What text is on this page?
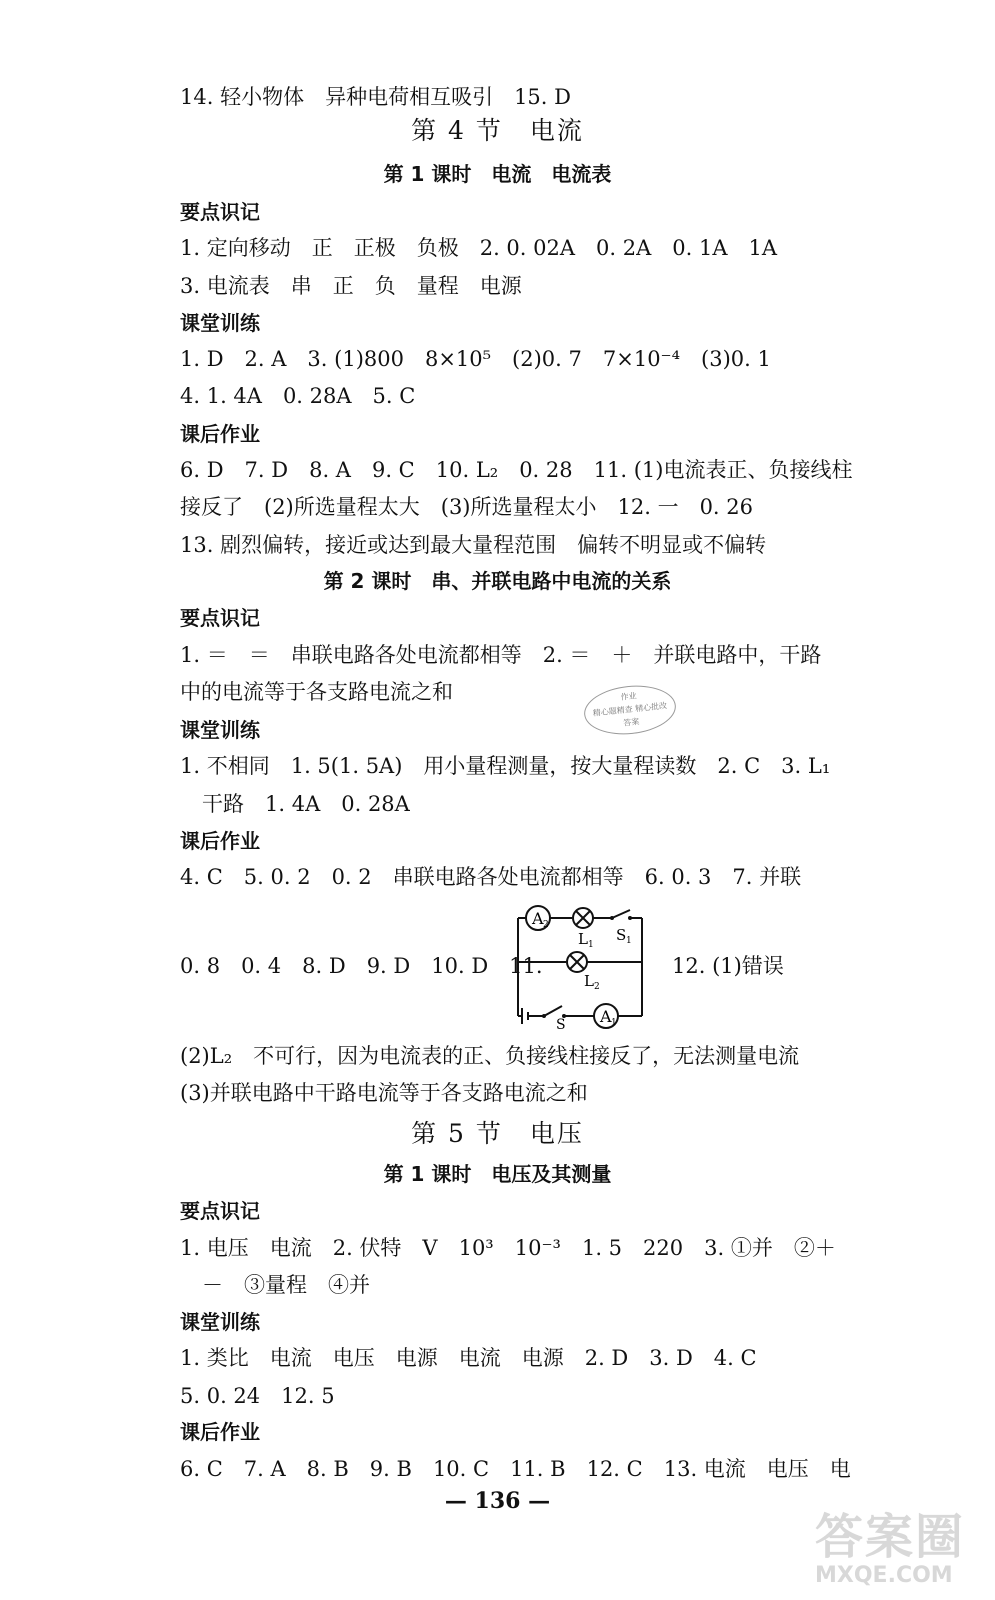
14. 轻小物体　异种电荷相互吸引　15. D
第 4 节　电流
第 1 课时　电流　电流表
要点识记
1. 定向移动　正　正极　负极　2. 0. 02A　0. 2A　0. 1A　1A
3. 电流表　串　正　负　量程　电源
课堂训练
1. D　2. A　3. (1)800　8×10⁵　(2)0. 7　7×10⁻⁴　(3)0. 1
4. 1. 4A　0. 28A　5. C
课后作业
6. D　7. D　8. A　9. C　10. L₂　0. 28　11. (1)电流表正、负接线柱
接反了　(2)所选量程太大　(3)所选量程太小　12. 一　0. 26
13. 剧烈偏转，接近或达到最大量程范围　偏转不明显或不偏转
第 2 课时　串、并联电路中电流的关系
要点识记
1. ＝　＝　串联电路各处电流都相等　2. ＝　＋　并联电路中，干路
中的电流等于各支路电流之和	作业
精心题精查 精心批改
答案
课堂训练
1. 不相同　1. 5(1. 5A)　用小量程测量，按大量程读数　2. C　3. L₁
干路　1. 4A　0. 28A
课后作业
4. C　5. 0. 2　0. 2　串联电路各处电流都相等　6. 0. 3　7. 并联
0. 8　0. 4　8. D　9. D　10. D　11.
A 2
A 1
L 1
L 2
S 1
S
12. (1)错误
(2)L₂　不可行，因为电流表的正、负接线柱接反了，无法测量电流
(3)并联电路中干路电流等于各支路电流之和
第 5 节　电压
第 1 课时　电压及其测量
要点识记
1. 电压　电流　2. 伏特　V　10³　10⁻³　1. 5　220　3. ①并　②＋
－　③量程　④并
课堂训练
1. 类比　电流　电压　电源　电流　电源　2. D　3. D　4. C
5. 0. 24　12. 5
课后作业
6. C　7. A　8. B　9. B　10. C　11. B　12. C　13. 电流　电压　电
— 136 —
答案圈
MXQE.COM
